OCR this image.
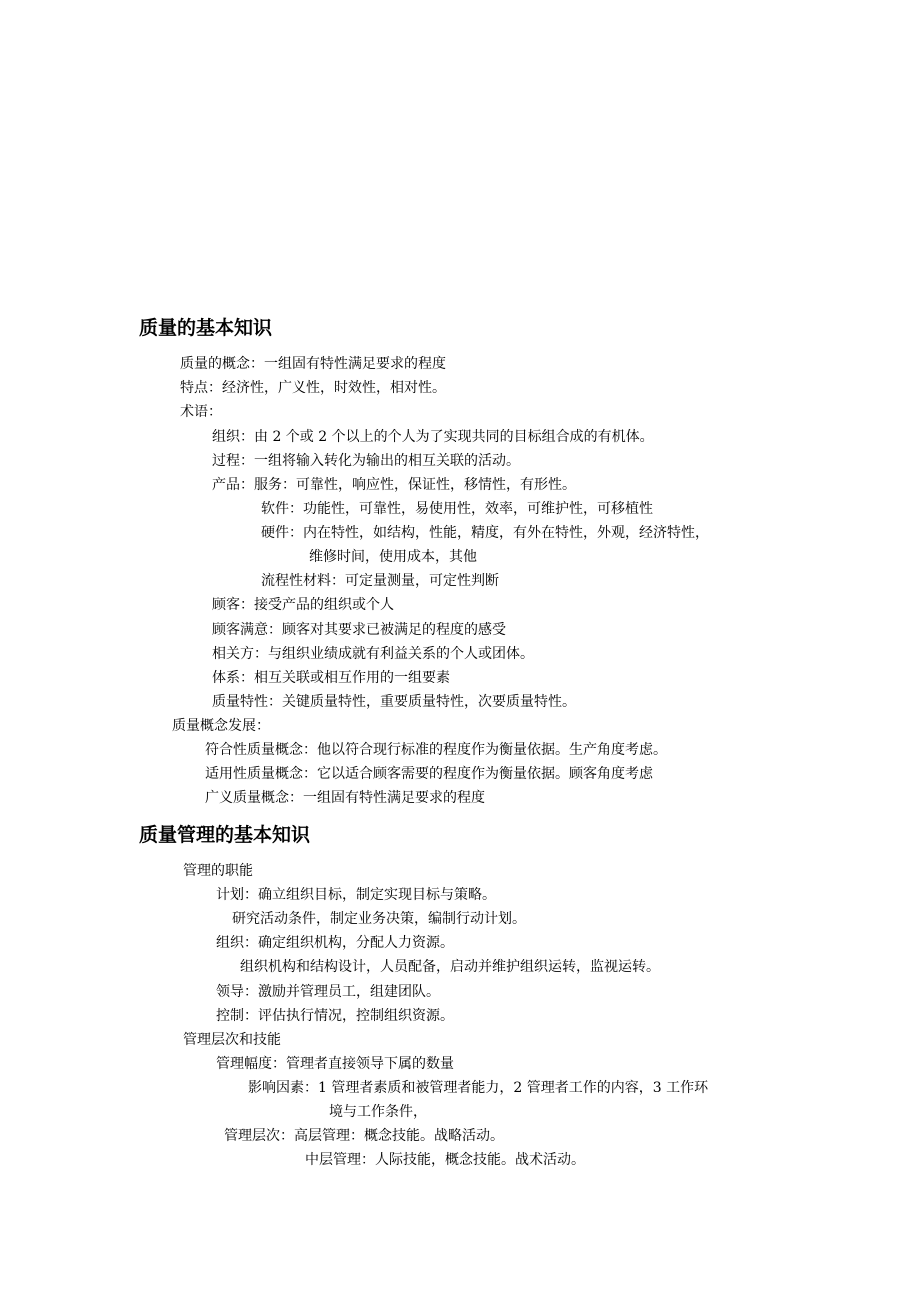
质量的基本知识
质量的概念：一组固有特性满足要求的程度
特点：经济性，广义性，时效性，相对性。
术语：
组织：由 2 个或 2 个以上的个人为了实现共同的目标组合成的有机体。
过程：一组将输入转化为输出的相互关联的活动。
产品：服务：可靠性，响应性，保证性，移情性，有形性。
软件：功能性，可靠性，易使用性，效率，可维护性，可移植性
硬件：内在特性，如结构，性能，精度，有外在特性，外观，经济特性，
维修时间，使用成本，其他
流程性材料：可定量测量，可定性判断
顾客：接受产品的组织或个人
顾客满意：顾客对其要求已被满足的程度的感受
相关方：与组织业绩成就有利益关系的个人或团体。
体系：相互关联或相互作用的一组要素
质量特性：关键质量特性，重要质量特性，次要质量特性。
质量概念发展：
符合性质量概念：他以符合现行标准的程度作为衡量依据。生产角度考虑。
适用性质量概念：它以适合顾客需要的程度作为衡量依据。顾客角度考虑
广义质量概念：一组固有特性满足要求的程度
质量管理的基本知识
管理的职能
计划：确立组织目标，制定实现目标与策略。
研究活动条件，制定业务决策，编制行动计划。
组织：确定组织机构，分配人力资源。
组织机构和结构设计，人员配备，启动并维护组织运转，监视运转。
领导：激励并管理员工，组建团队。
控制：评估执行情况，控制组织资源。
管理层次和技能
管理幅度：管理者直接领导下属的数量
影响因素：1 管理者素质和被管理者能力，2 管理者工作的内容，3 工作环
境与工作条件，
管理层次：高层管理：概念技能。战略活动。
中层管理：人际技能，概念技能。战术活动。
